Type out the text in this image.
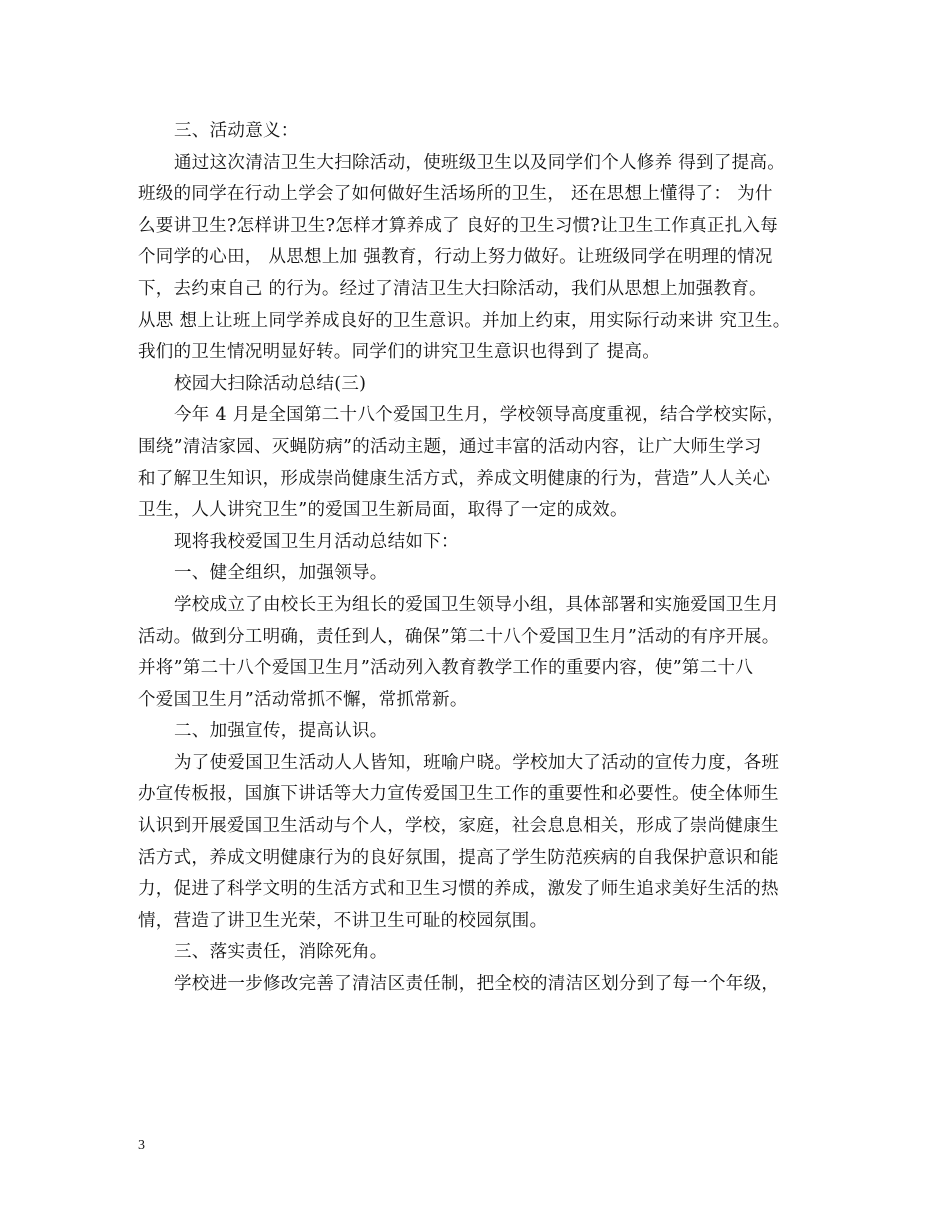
三、活动意义：
通过这次清洁卫生大扫除活动，使班级卫生以及同学们个人修养 得到了提高。
班级的同学在行动上学会了如何做好生活场所的卫生， 还在思想上懂得了： 为什
么要讲卫生?怎样讲卫生?怎样才算养成了 良好的卫生习惯?让卫生工作真正扎入每
个同学的心田， 从思想上加 强教育，行动上努力做好。让班级同学在明理的情况
下，去约束自己 的行为。经过了清洁卫生大扫除活动，我们从思想上加强教育。
从思 想上让班上同学养成良好的卫生意识。并加上约束，用实际行动来讲 究卫生。
我们的卫生情况明显好转。同学们的讲究卫生意识也得到了 提高。
校园大扫除活动总结(三)
今年 4 月是全国第二十八个爱国卫生月，学校领导高度重视，结合学校实际，
围绕”清洁家园、灭蝇防病”的活动主题，通过丰富的活动内容，让广大师生学习
和了解卫生知识，形成崇尚健康生活方式，养成文明健康的行为，营造”人人关心
卫生，人人讲究卫生”的爱国卫生新局面，取得了一定的成效。
现将我校爱国卫生月活动总结如下：
一、健全组织，加强领导。
学校成立了由校长王为组长的爱国卫生领导小组，具体部署和实施爱国卫生月
活动。做到分工明确，责任到人，确保”第二十八个爱国卫生月”活动的有序开展。
并将”第二十八个爱国卫生月”活动列入教育教学工作的重要内容，使”第二十八
个爱国卫生月”活动常抓不懈，常抓常新。
二、加强宣传，提高认识。
为了使爱国卫生活动人人皆知，班喻户晓。学校加大了活动的宣传力度，各班
办宣传板报，国旗下讲话等大力宣传爱国卫生工作的重要性和必要性。使全体师生
认识到开展爱国卫生活动与个人，学校，家庭，社会息息相关，形成了崇尚健康生
活方式，养成文明健康行为的良好氛围，提高了学生防范疾病的自我保护意识和能
力，促进了科学文明的生活方式和卫生习惯的养成，激发了师生追求美好生活的热
情，营造了讲卫生光荣，不讲卫生可耻的校园氛围。
三、落实责任，消除死角。
学校进一步修改完善了清洁区责任制，把全校的清洁区划分到了每一个年级，
3
